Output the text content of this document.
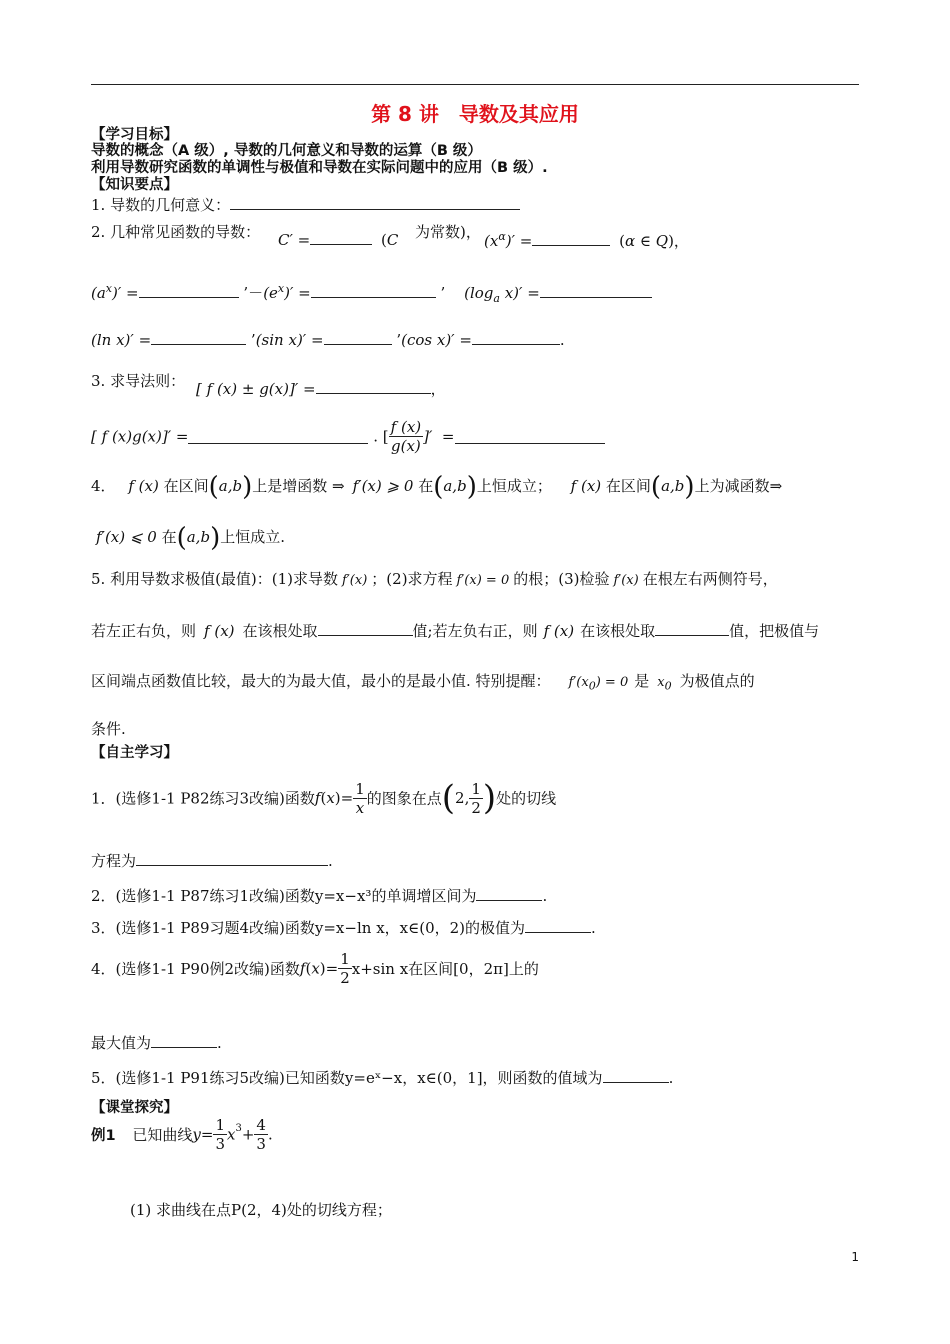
第 8 讲　导数及其应用
【学习目标】
导数的概念（A 级）, 导数的几何意义和导数的运算（B 级）
利用导数研究函数的单调性与极值和导数在实际问题中的应用（B 级）.
【知识要点】
1. 导数的几何意义：
2. 几种常见函数的导数： C′ =	(C 为常数)， $(x^\alpha)'$ =	(α ∈ Q)，
$(a^x)'$ =	$’-(e^x)'$ =	’ ($\log_a$ x)′ =
(ln x)′ =	’(sin x)′ =	’(cos x)′ =	.
3. 求导法则： [ f (x) ± g(x)]′ =	，
[ f (x)g(x)]′ =	. [ $\frac{f (x)}{g(x)}$ ]′  =
4． f (x) 在区间(a,b)上是增函数 ⇒ f′(x) ⩾ 0 在(a,b)上恒成立； f (x) 在区间(a,b)上为减函数⇒
f′(x) ⩽ 0 在(a,b)上恒成立.
5. 利用导数求极值(最值)：(1)求导数 f′(x) ；(2)求方程 f′(x) = 0 的根；(3)检验 f′(x) 在根左右两侧符号，
若左正右负，则 f (x) 在该根处取	值;若左负右正，则 f (x) 在该根处取	值，把极值与
区间端点函数值比较，最大的为最大值，最小的是最小值. 特别提醒： $f'(x_0) = 0$ 是 $x_0$ 为极值点的
条件.
【自主学习】
1．(选修1-1 P82练习3改编)函数$f(x)= \frac{1}{x}$ 的图象在点(2, $\frac{1}{2}$ )处的切线
方程为	.
2．(选修1-1 P87练习1改编)函数y=x−x³的单调增区间为	.
3．(选修1-1 P89习题4改编)函数y=x−ln x，x∈(0，2)的极值为	.
4．(选修1-1 P90例2改编)函数$f(x)= \frac{1}{2} x+\sin$ x在区间[0，2π]上的
最大值为	.
5．(选修1-1 P91练习5改编)已知函数y=eˣ−x，x∈(0，1]，则函数的值域为	.
【课堂探究】
例1 已知曲线$y= \frac{1}{3} x^3+ \frac{4}{3}$ .
(1) 求曲线在点P(2，4)处的切线方程；
1
